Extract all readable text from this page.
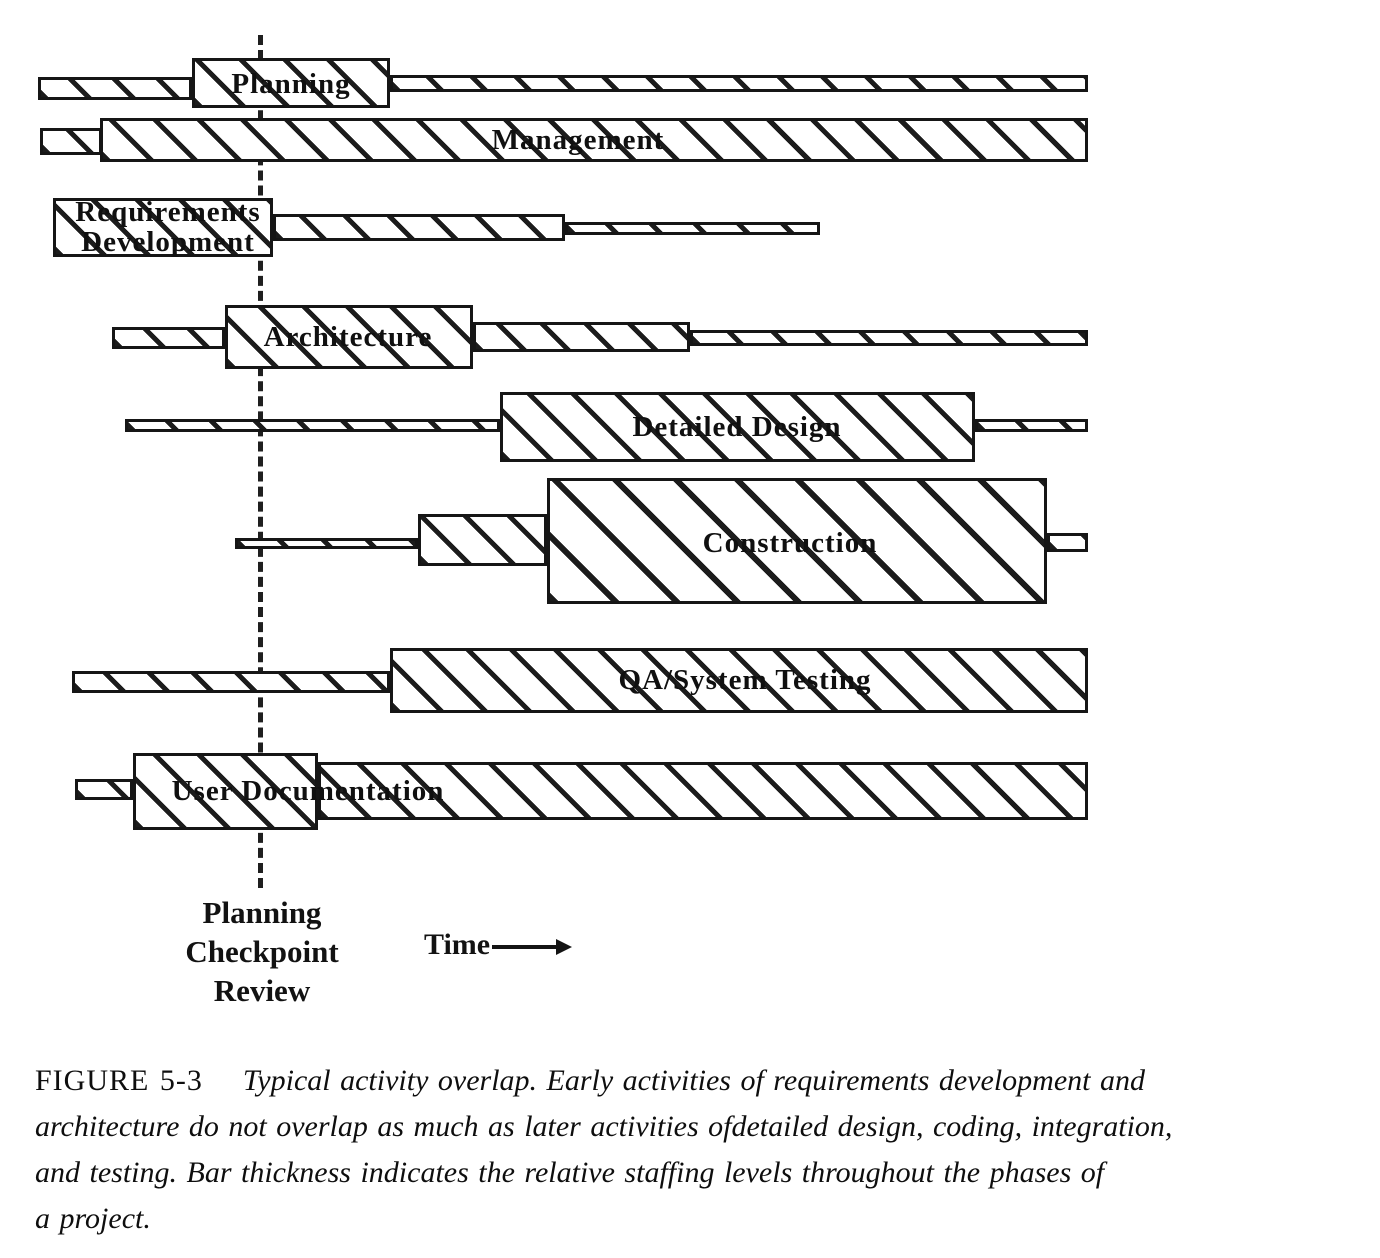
Planning
Checkpoint
Review
Time
Planning
Management
Requirements
Development
Architecture
Detailed Design
Construction
QA/System Testing
User Documentation
FIGURE 5-3 Typical activity overlap. Early activities of requirements development and
architecture do not overlap as much as later activities ofdetailed design, coding, integration,
and testing. Bar thickness indicates the relative staffing levels throughout the phases of
a project.
